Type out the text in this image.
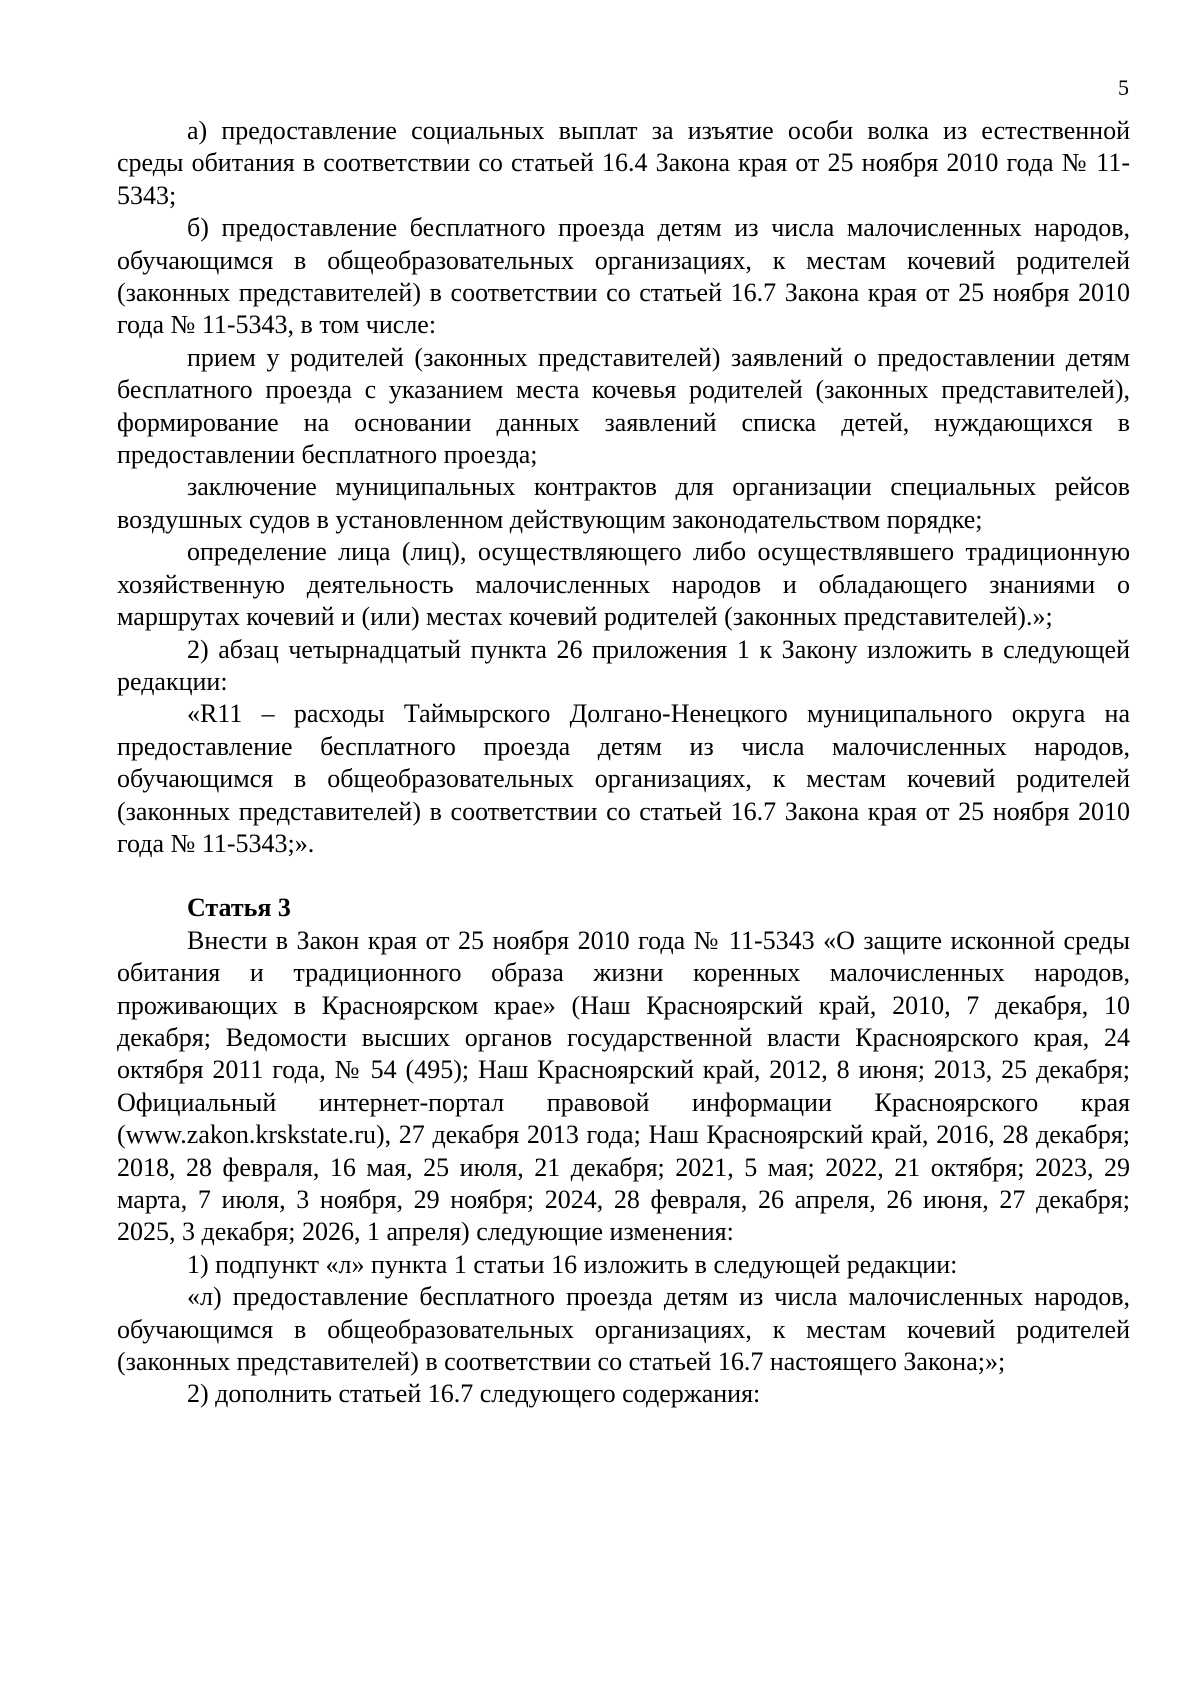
5

а) предоставление социальных выплат за изъятие особи волка из естественной среды обитания в соответствии со статьей 16.4 Закона края от 25 ноября 2010 года № 11-5343;

б) предоставление бесплатного проезда детям из числа малочисленных народов, обучающимся в общеобразовательных организациях, к местам кочевий родителей (законных представителей) в соответствии со статьей 16.7 Закона края от 25 ноября 2010 года № 11-5343, в том числе:

прием у родителей (законных представителей) заявлений о предоставлении детям бесплатного проезда с указанием места кочевья родителей (законных представителей), формирование на основании данных заявлений списка детей, нуждающихся в предоставлении бесплатного проезда;

заключение муниципальных контрактов для организации специальных рейсов воздушных судов в установленном действующим законодательством порядке;

определение лица (лиц), осуществляющего либо осуществлявшего традиционную хозяйственную деятельность малочисленных народов и обладающего знаниями о маршрутах кочевий и (или) местах кочевий родителей (законных представителей).»;

2) абзац четырнадцатый пункта 26 приложения 1 к Закону изложить в следующей редакции:

«R11 – расходы Таймырского Долгано-Ненецкого муниципального округа на предоставление бесплатного проезда детям из числа малочисленных народов, обучающимся в общеобразовательных организациях, к местам кочевий родителей (законных представителей) в соответствии со статьей 16.7 Закона края от 25 ноября 2010 года № 11-5343;».

Статья 3

Внести в Закон края от 25 ноября 2010 года № 11-5343 «О защите исконной среды обитания и традиционного образа жизни коренных малочисленных народов, проживающих в Красноярском крае» (Наш Красноярский край, 2010, 7 декабря, 10 декабря; Ведомости высших органов государственной власти Красноярского края, 24 октября 2011 года, № 54 (495); Наш Красноярский край, 2012, 8 июня; 2013, 25 декабря; Официальный интернет-портал правовой информации Красноярского края (www.zakon.krskstate.ru), 27 декабря 2013 года; Наш Красноярский край, 2016, 28 декабря; 2018, 28 февраля, 16 мая, 25 июля, 21 декабря; 2021, 5 мая; 2022, 21 октября; 2023, 29 марта, 7 июля, 3 ноября, 29 ноября; 2024, 28 февраля, 26 апреля, 26 июня, 27 декабря; 2025, 3 декабря; 2026, 1 апреля) следующие изменения:

1) подпункт «л» пункта 1 статьи 16 изложить в следующей редакции:

«л) предоставление бесплатного проезда детям из числа малочисленных народов, обучающимся в общеобразовательных организациях, к местам кочевий родителей (законных представителей) в соответствии со статьей 16.7 настоящего Закона;»;

2) дополнить статьей 16.7 следующего содержания:
